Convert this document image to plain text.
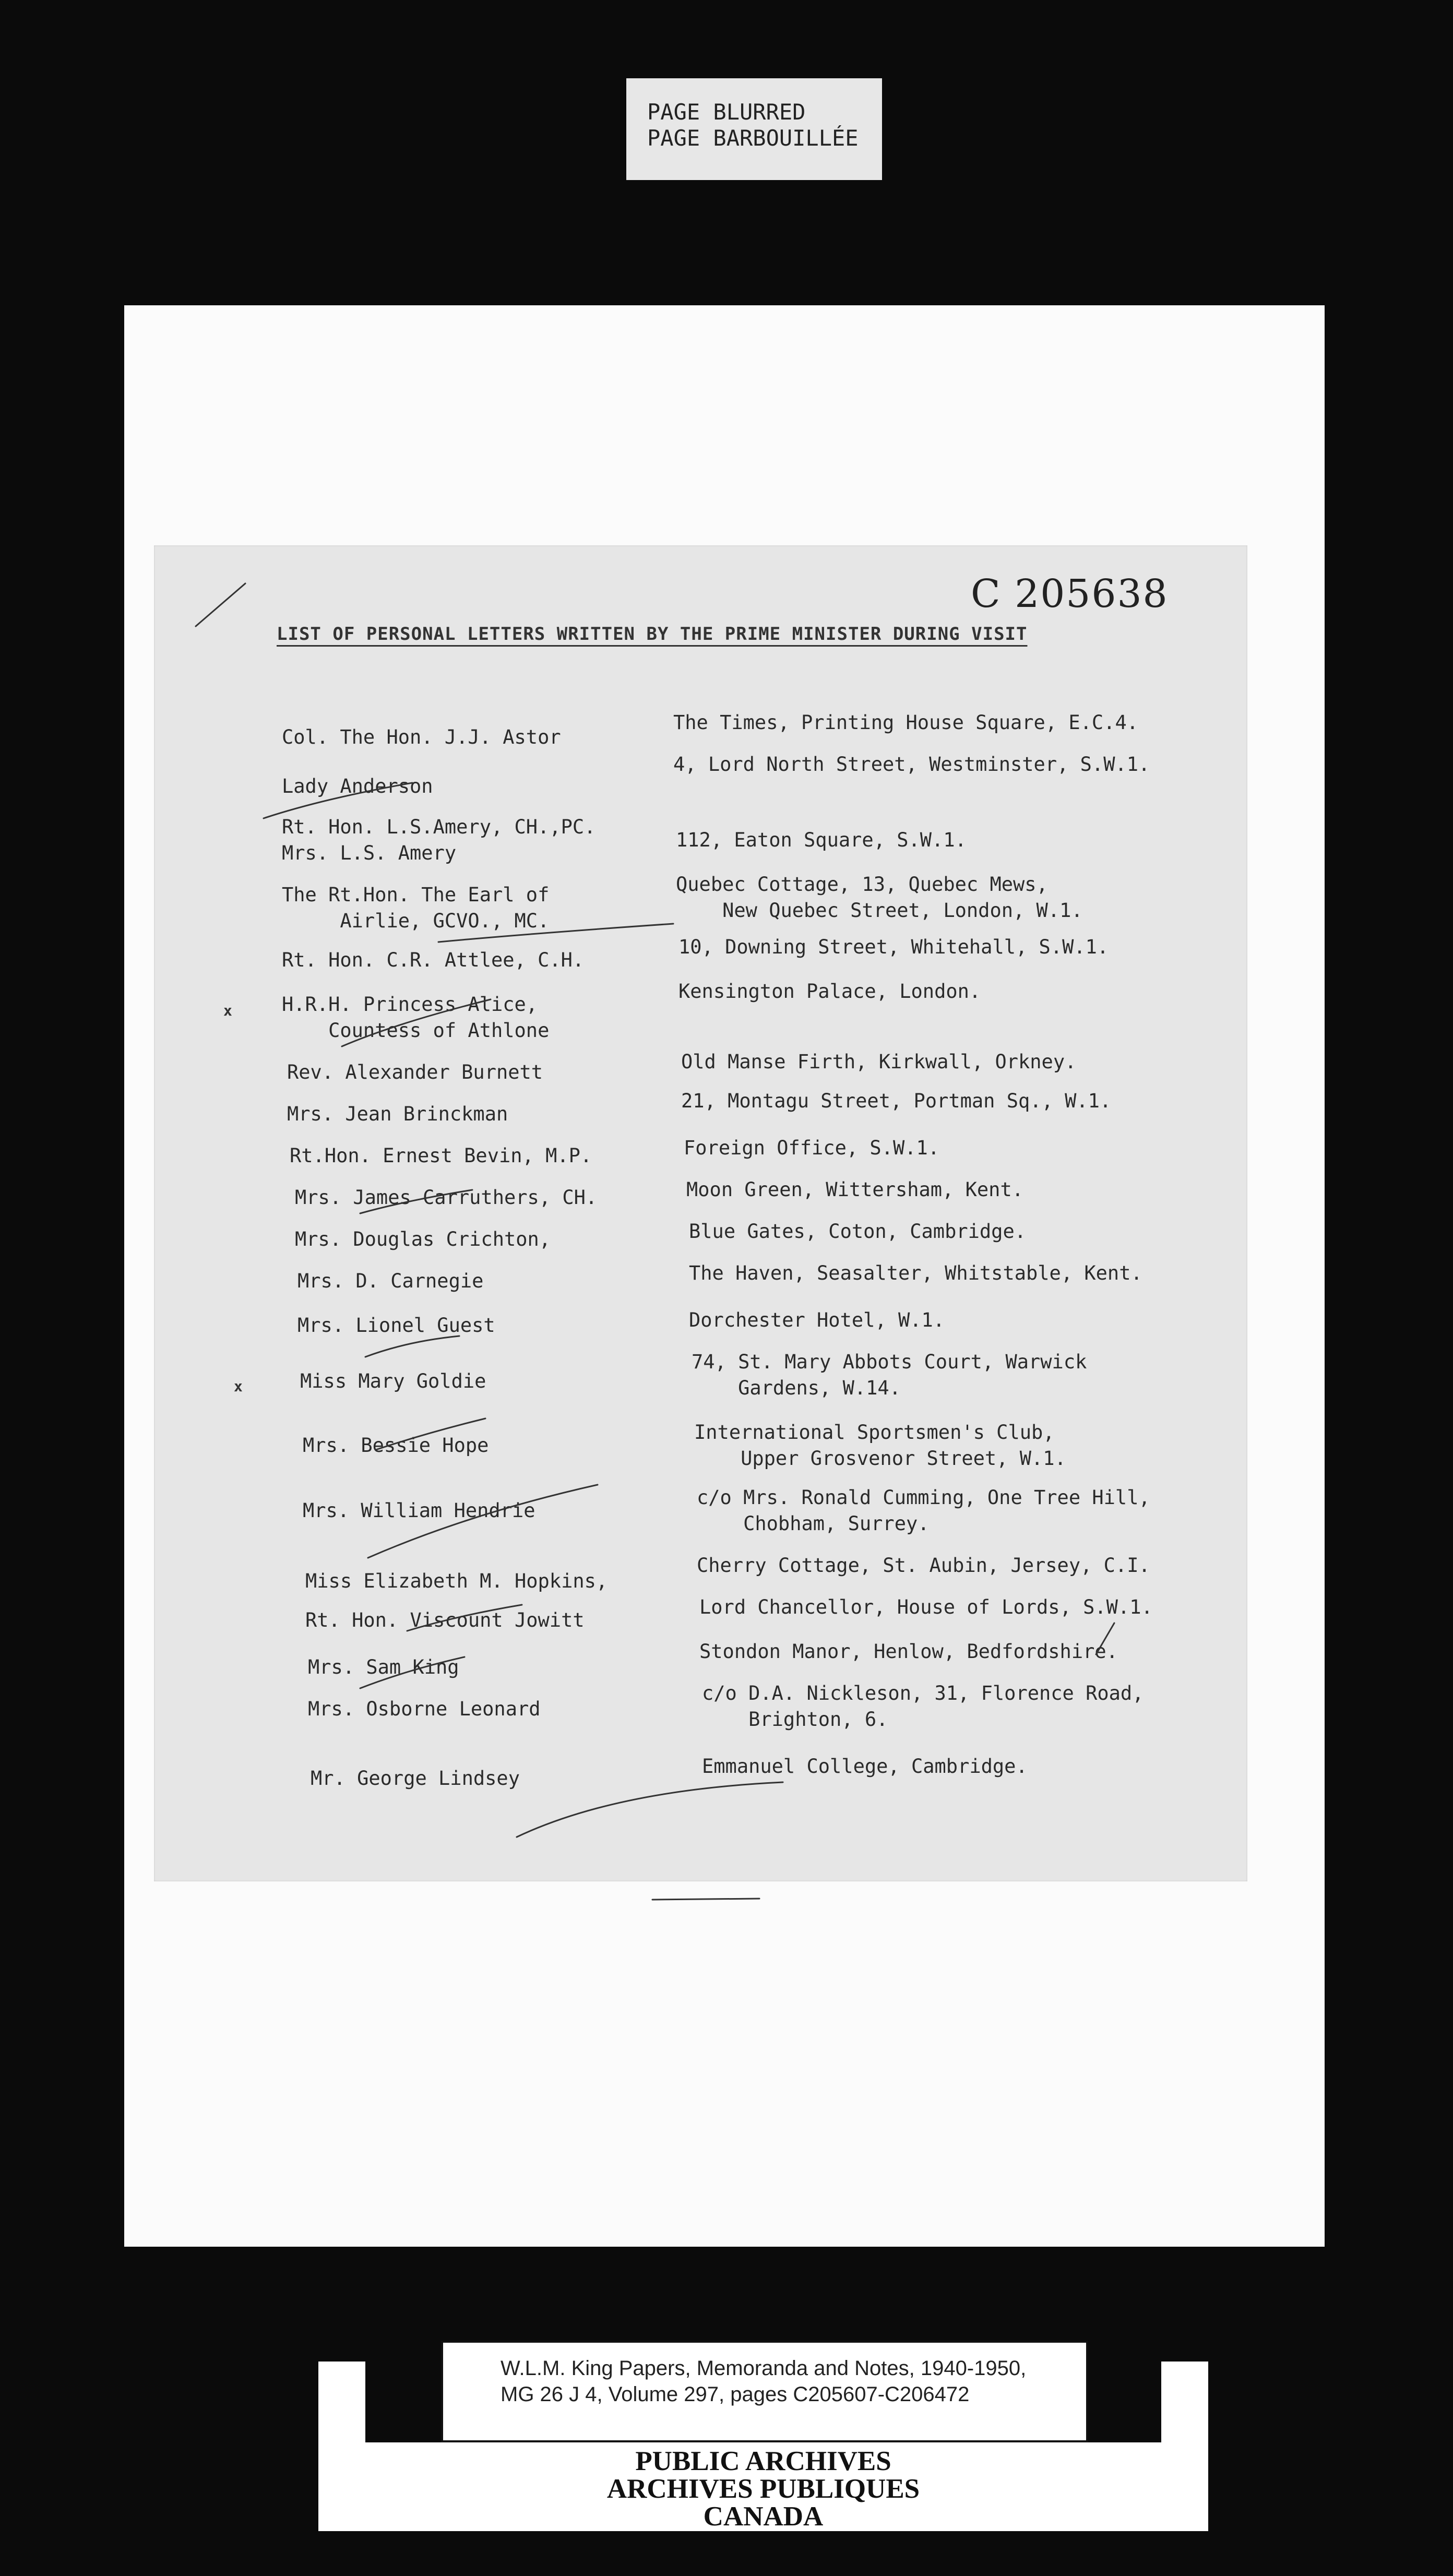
PAGE BLURRED
PAGE BARBOUILLÉE
C 205638
LIST OF PERSONAL LETTERS WRITTEN BY THE PRIME MINISTER DURING VISIT
x
x
Col. The Hon. J.J. Astor
Lady Anderson
Rt. Hon. L.S.Amery, CH.,PC.
Mrs. L.S. Amery
The Rt.Hon. The Earl of
Airlie, GCVO., MC.
Rt. Hon. C.R. Attlee, C.H.
H.R.H. Princess Alice,
Countess of Athlone
Rev. Alexander Burnett
Mrs. Jean Brinckman
Rt.Hon. Ernest Bevin, M.P.
Mrs. James Carruthers, CH.
Mrs. Douglas Crichton,
Mrs. D. Carnegie
Mrs. Lionel Guest
Miss Mary Goldie
Mrs. Bessie Hope
Mrs. William Hendrie
Miss Elizabeth M. Hopkins,
Rt. Hon. Viscount Jowitt
Mrs. Sam King
Mrs. Osborne Leonard
Mr. George Lindsey
The Times, Printing House Square, E.C.4.
4, Lord North Street, Westminster, S.W.1.
112, Eaton Square, S.W.1.
Quebec Cottage, 13, Quebec Mews,
New Quebec Street, London, W.1.
10, Downing Street, Whitehall, S.W.1.
Kensington Palace, London.
Old Manse Firth, Kirkwall, Orkney.
21, Montagu Street, Portman Sq., W.1.
Foreign Office, S.W.1.
Moon Green, Wittersham, Kent.
Blue Gates, Coton, Cambridge.
The Haven, Seasalter, Whitstable, Kent.
Dorchester Hotel, W.1.
74, St. Mary Abbots Court, Warwick
Gardens, W.14.
International Sportsmen's Club,
Upper Grosvenor Street, W.1.
c/o Mrs. Ronald Cumming, One Tree Hill,
Chobham, Surrey.
Cherry Cottage, St. Aubin, Jersey, C.I.
Lord Chancellor, House of Lords, S.W.1.
Stondon Manor, Henlow, Bedfordshire.
c/o D.A. Nickleson, 31, Florence Road,
Brighton, 6.
Emmanuel College, Cambridge.
W.L.M. King Papers, Memoranda and Notes, 1940-1950,
MG 26 J 4, Volume 297, pages C205607-C206472
PUBLIC ARCHIVES
ARCHIVES PUBLIQUES
CANADA
